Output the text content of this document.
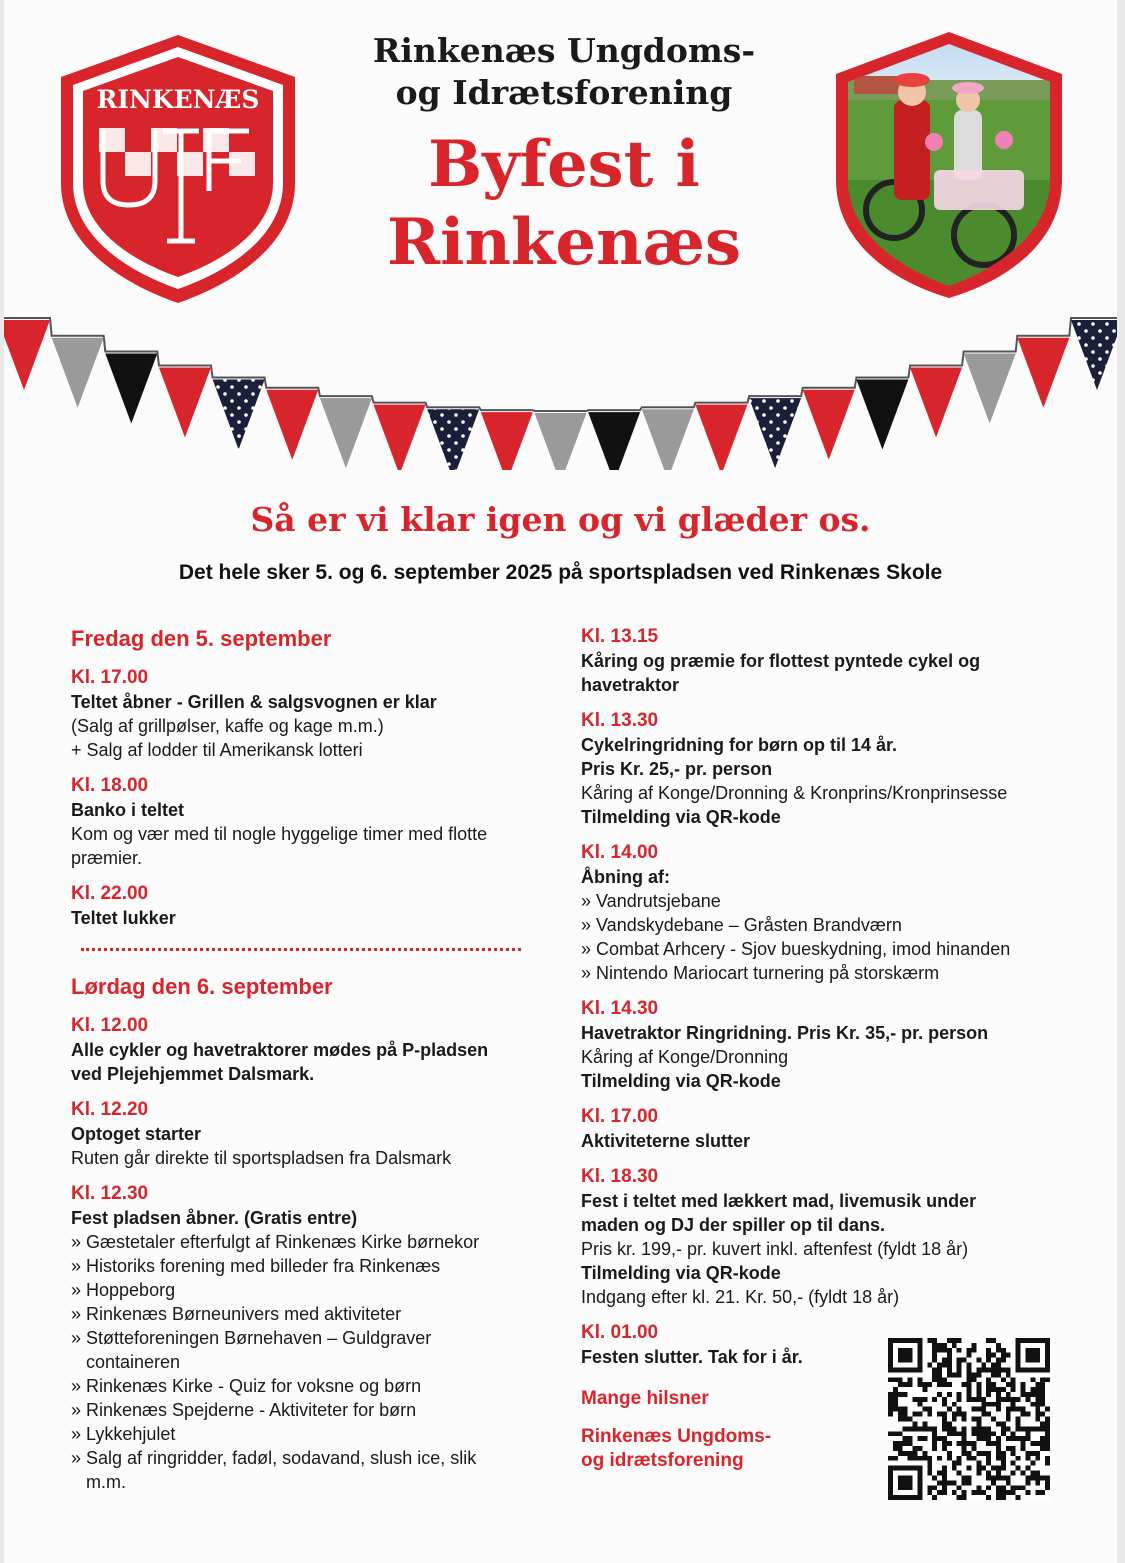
RINKENÆS
Rinkenæs Ungdoms-
og Idrætsforening
Byfest i
Rinkenæs
Så er vi klar igen og vi glæder os.
Det hele sker 5. og 6. september 2025 på sportspladsen ved Rinkenæs Skole
Fredag den 5. september
Kl. 17.00
Teltet åbner - Grillen & salgsvognen er klar
(Salg af grillpølser, kaffe og kage m.m.)
+ Salg af lodder til Amerikansk lotteri
Kl. 18.00
Banko i teltet
Kom og vær med til nogle hyggelige timer med flotte
præmier.
Kl. 22.00
Teltet lukker
Lørdag den 6. september
Kl. 12.00
Alle cykler og havetraktorer mødes på P-pladsen
ved Plejehjemmet Dalsmark.
Kl. 12.20
Optoget starter
Ruten går direkte til sportspladsen fra Dalsmark
Kl. 12.30
Fest pladsen åbner. (Gratis entre)
» Gæstetaler efterfulgt af Rinkenæs Kirke børnekor
» Historiks forening med billeder fra Rinkenæs
» Hoppeborg
» Rinkenæs Børneunivers med aktiviteter
» Støtteforeningen Børnehaven – Guldgraver
containeren
» Rinkenæs Kirke - Quiz for voksne og børn
» Rinkenæs Spejderne - Aktiviteter for børn
» Lykkehjulet
» Salg af ringridder, fadøl, sodavand, slush ice, slik
m.m.
Kl. 13.15
Kåring og præmie for flottest pyntede cykel og
havetraktor
Kl. 13.30
Cykelringridning for børn op til 14 år.
Pris Kr. 25,- pr. person
Kåring af Konge/Dronning & Kronprins/Kronprinsesse
Tilmelding via QR-kode
Kl. 14.00
Åbning af:
» Vandrutsjebane
» Vandskydebane – Gråsten Brandværn
» Combat Arhcery - Sjov bueskydning, imod hinanden
» Nintendo Mariocart turnering på storskærm
Kl. 14.30
Havetraktor Ringridning. Pris Kr. 35,- pr. person
Kåring af Konge/Dronning
Tilmelding via QR-kode
Kl. 17.00
Aktiviteterne slutter
Kl. 18.30
Fest i teltet med lækkert mad, livemusik under
maden og DJ der spiller op til dans.
Pris kr. 199,- pr. kuvert inkl. aftenfest (fyldt 18 år)
Tilmelding via QR-kode
Indgang efter kl. 21. Kr. 50,- (fyldt 18 år)
Kl. 01.00
Festen slutter. Tak for i år.
Mange hilsner
Rinkenæs Ungdoms-
og idrætsforening
